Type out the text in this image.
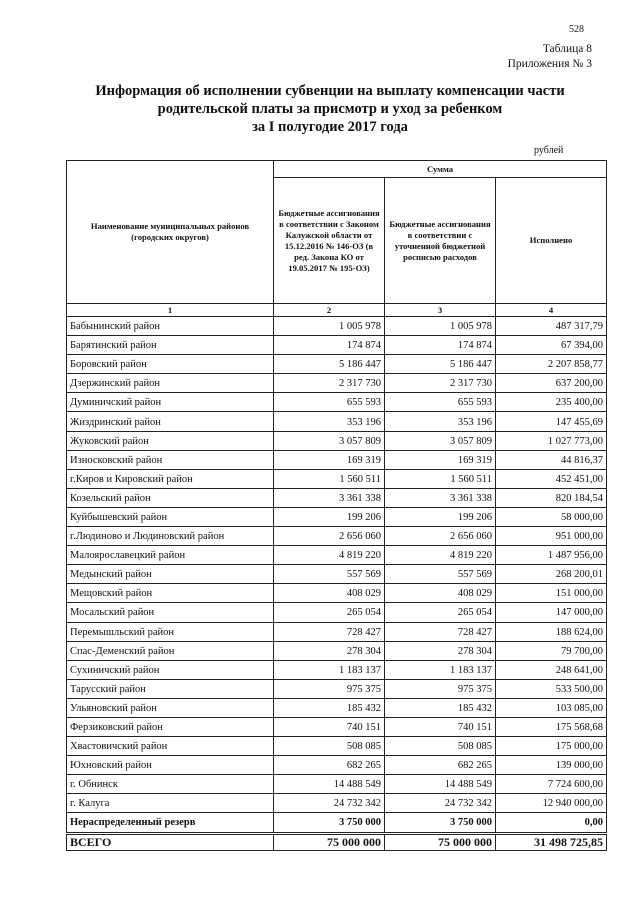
528
Таблица 8
Приложения № 3
Информация об исполнении субвенции на выплату компенсации части
родительской платы за присмотр и уход за ребенком
за I полугодие 2017 года
рублей
Наименование муниципальных районов (городских округов)	Сумма		
	Бюджетные ассигнования в соответствии с Законом Калужской области от 15.12.2016 № 146-ОЗ (в ред. Закона КО от 19.05.2017 № 195-ОЗ)	Бюджетные ассигнования в соответствии с уточненной бюджетной росписью расходов	Исполнено
1	2	3	4
Бабынинский район	1 005 978	1 005 978	487 317,79
Барятинский район	174 874	174 874	67 394,00
Боровский район	5 186 447	5 186 447	2 207 858,77
Дзержинский район	2 317 730	2 317 730	637 200,00
Думиничский район	655 593	655 593	235 400,00
Жиздринский район	353 196	353 196	147 455,69
Жуковский район	3 057 809	3 057 809	1 027 773,00
Износковский район	169 319	169 319	44 816,37
г.Киров и Кировский район	1 560 511	1 560 511	452 451,00
Козельский район	3 361 338	3 361 338	820 184,54
Куйбышевский район	199 206	199 206	58 000,00
г.Людиново и Людиновский район	2 656 060	2 656 060	951 000,00
Малоярославецкий район	4 819 220	4 819 220	1 487 956,00
Медынский район	557 569	557 569	268 200,01
Мещовский район	408 029	408 029	151 000,00
Мосальский район	265 054	265 054	147 000,00
Перемышльский район	728 427	728 427	188 624,00
Спас-Деменский район	278 304	278 304	79 700,00
Сухиничский район	1 183 137	1 183 137	248 641,00
Тарусский район	975 375	975 375	533 500,00
Ульяновский район	185 432	185 432	103 085,00
Ферзиковский район	740 151	740 151	175 568,68
Хвастовичский район	508 085	508 085	175 000,00
Юхновский район	682 265	682 265	139 000,00
г. Обнинск	14 488 549	14 488 549	7 724 600,00
г. Калуга	24 732 342	24 732 342	12 940 000,00
Нераспределенный резерв	3 750 000	3 750 000	0,00
ВСЕГО	75 000 000	75 000 000	31 498 725,85
